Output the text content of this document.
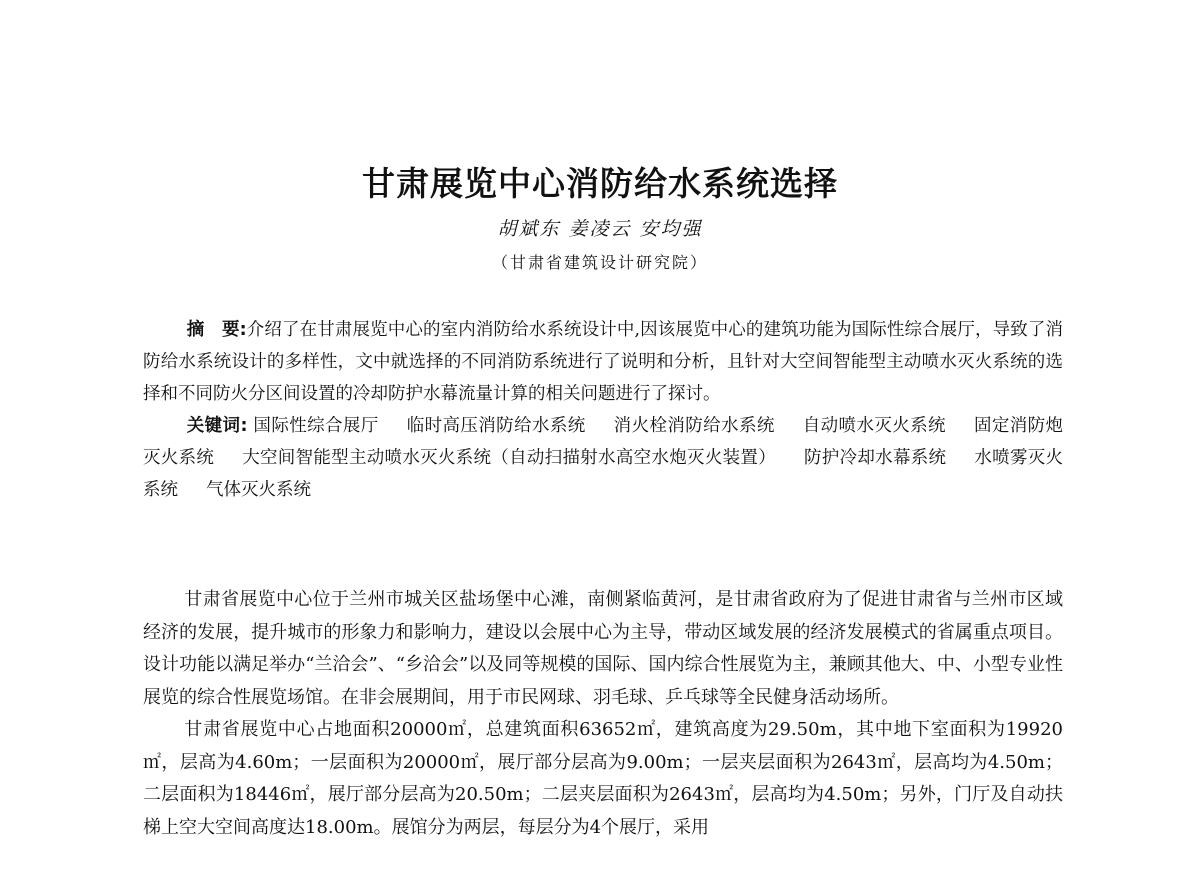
甘肃展览中心消防给水系统选择
胡斌东 姜凌云 安均强
（甘肃省建筑设计研究院）

摘　要:介绍了在甘肃展览中心的室内消防给水系统设计中,因该展览中心的建筑功能为国际性综合展厅，导致了消防给水系统设计的多样性，文中就选择的不同消防系统进行了说明和分析，且针对大空间智能型主动喷水灭火系统的选择和不同防火分区间设置的冷却防护水幕流量计算的相关问题进行了探讨。

关键词: 国际性综合展厅 临时高压消防给水系统 消火栓消防给水系统 自动喷水灭火系统 固定消防炮灭火系统 大空间智能型主动喷水灭火系统（自动扫描射水高空水炮灭火装置） 防护冷却水幕系统 水喷雾灭火系统 气体灭火系统

甘肃省展览中心位于兰州市城关区盐场堡中心滩，南侧紧临黄河，是甘肃省政府为了促进甘肃省与兰州市区域经济的发展，提升城市的形象力和影响力，建设以会展中心为主导，带动区域发展的经济发展模式的省属重点项目。设计功能以满足举办“兰洽会”、“乡洽会”以及同等规模的国际、国内综合性展览为主，兼顾其他大、中、小型专业性展览的综合性展览场馆。在非会展期间，用于市民网球、羽毛球、乒乓球等全民健身活动场所。

甘肃省展览中心占地面积20000㎡，总建筑面积63652㎡，建筑高度为29.50m，其中地下室面积为19920㎡，层高为4.60m；一层面积为20000㎡，展厅部分层高为9.00m；一层夹层面积为2643㎡，层高均为4.50m；二层面积为18446㎡，展厅部分层高为20.50m；二层夹层面积为2643㎡，层高均为4.50m；另外，门厅及自动扶梯上空大空间高度达18.00m。展馆分为两层，每层分为4个展厅，采用
